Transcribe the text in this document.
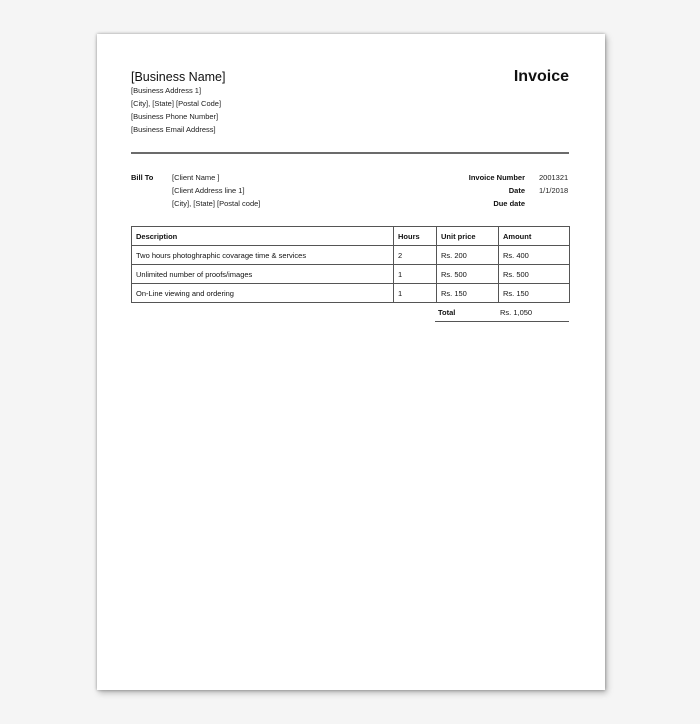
[Business Name]
[Business Address 1]
[City], [State] [Postal Code]
[Business Phone Number]
[Business Email Address]
Invoice
Bill To [Client Name ]
[Client Address line 1]
[City], [State] [Postal code]
Invoice Number 2001321
Date 1/1/2018
Due date
Description	Hours	Unit price	Amount
Two hours photoghraphic covarage time & services	2	Rs. 200	Rs. 400
Unlimited number of proofs/images	1	Rs. 500	Rs. 500
On-Line viewing and ordering	1	Rs. 150	Rs. 150
Total	Rs. 1,050
